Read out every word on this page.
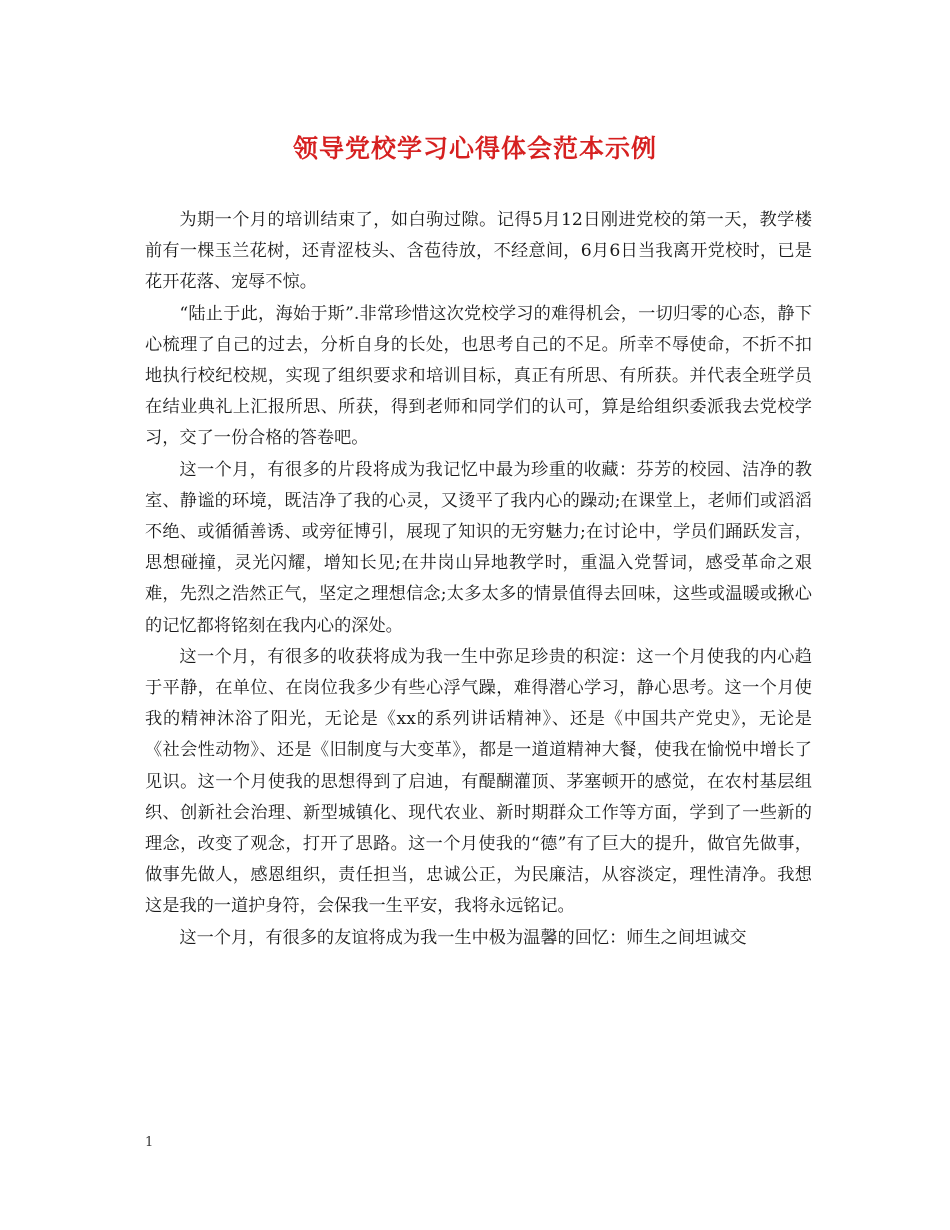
领导党校学习心得体会范本示例

为期一个月的培训结束了，如白驹过隙。记得5月12日刚进党校的第一天，教学楼前有一棵玉兰花树，还青涩枝头、含苞待放，不经意间，6月6日当我离开党校时，已是花开花落、宠辱不惊。

“陆止于此，海始于斯”.非常珍惜这次党校学习的难得机会，一切归零的心态，静下心梳理了自己的过去，分析自身的长处，也思考自己的不足。所幸不辱使命，不折不扣地执行校纪校规，实现了组织要求和培训目标，真正有所思、有所获。并代表全班学员在结业典礼上汇报所思、所获，得到老师和同学们的认可，算是给组织委派我去党校学习，交了一份合格的答卷吧。

这一个月，有很多的片段将成为我记忆中最为珍重的收藏：芬芳的校园、洁净的教室、静谧的环境，既洁净了我的心灵，又烫平了我内心的躁动;在课堂上，老师们或滔滔不绝、或循循善诱、或旁征博引，展现了知识的无穷魅力;在讨论中，学员们踊跃发言，思想碰撞，灵光闪耀，增知长见;在井岗山异地教学时，重温入党誓词，感受革命之艰难，先烈之浩然正气，坚定之理想信念;太多太多的情景值得去回味，这些或温暖或揪心的记忆都将铭刻在我内心的深处。

这一个月，有很多的收获将成为我一生中弥足珍贵的积淀：这一个月使我的内心趋于平静，在单位、在岗位我多少有些心浮气躁，难得潜心学习，静心思考。这一个月使我的精神沐浴了阳光，无论是《xx的系列讲话精神》、还是《中国共产党史》，无论是《社会性动物》、还是《旧制度与大变革》，都是一道道精神大餐，使我在愉悦中增长了见识。这一个月使我的思想得到了启迪，有醍醐灌顶、茅塞顿开的感觉，在农村基层组织、创新社会治理、新型城镇化、现代农业、新时期群众工作等方面，学到了一些新的理念，改变了观念，打开了思路。这一个月使我的“德”有了巨大的提升，做官先做事，做事先做人，感恩组织，责任担当，忠诚公正，为民廉洁，从容淡定，理性清净。我想这是我的一道护身符，会保我一生平安，我将永远铭记。

这一个月，有很多的友谊将成为我一生中极为温馨的回忆：师生之间坦诚交

1
